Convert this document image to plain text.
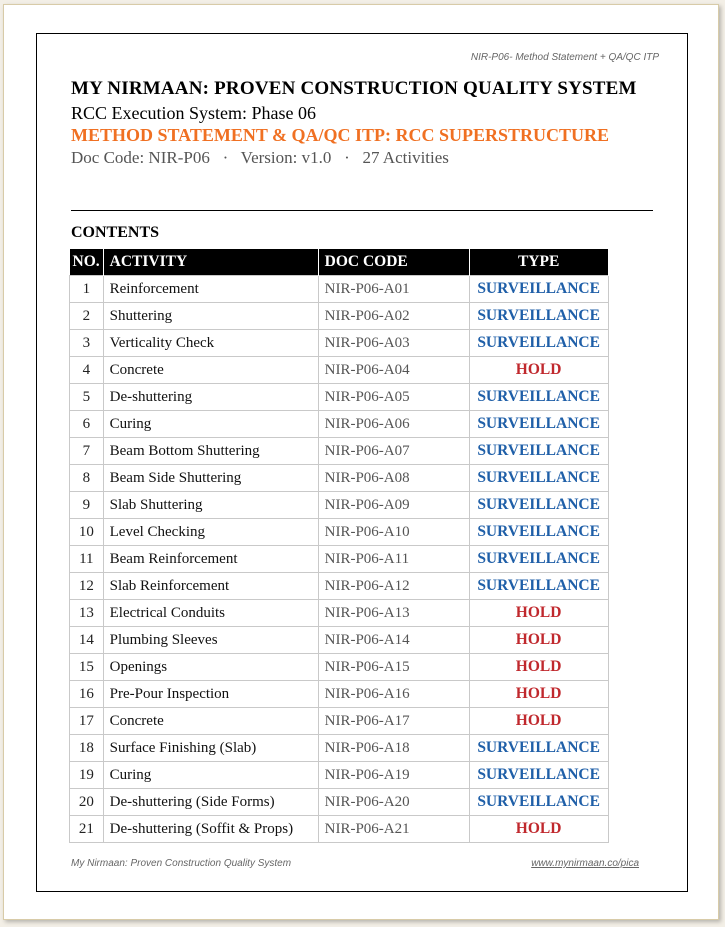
NIR-P06- Method Statement + QA/QC ITP
MY NIRMAAN: PROVEN CONSTRUCTION QUALITY SYSTEM
RCC Execution System: Phase 06
METHOD STATEMENT & QA/QC ITP: RCC SUPERSTRUCTURE
Doc Code: NIR-P06   ·   Version: v1.0   ·   27 Activities
CONTENTS
NO.	ACTIVITY	DOC CODE	TYPE
1	Reinforcement	NIR-P06-A01	SURVEILLANCE
2	Shuttering	NIR-P06-A02	SURVEILLANCE
3	Verticality Check	NIR-P06-A03	SURVEILLANCE
4	Concrete	NIR-P06-A04	HOLD
5	De-shuttering	NIR-P06-A05	SURVEILLANCE
6	Curing	NIR-P06-A06	SURVEILLANCE
7	Beam Bottom Shuttering	NIR-P06-A07	SURVEILLANCE
8	Beam Side Shuttering	NIR-P06-A08	SURVEILLANCE
9	Slab Shuttering	NIR-P06-A09	SURVEILLANCE
10	Level Checking	NIR-P06-A10	SURVEILLANCE
11	Beam Reinforcement	NIR-P06-A11	SURVEILLANCE
12	Slab Reinforcement	NIR-P06-A12	SURVEILLANCE
13	Electrical Conduits	NIR-P06-A13	HOLD
14	Plumbing Sleeves	NIR-P06-A14	HOLD
15	Openings	NIR-P06-A15	HOLD
16	Pre-Pour Inspection	NIR-P06-A16	HOLD
17	Concrete	NIR-P06-A17	HOLD
18	Surface Finishing (Slab)	NIR-P06-A18	SURVEILLANCE
19	Curing	NIR-P06-A19	SURVEILLANCE
20	De-shuttering (Side Forms)	NIR-P06-A20	SURVEILLANCE
21	De-shuttering (Soffit & Props)	NIR-P06-A21	HOLD
My Nirmaan: Proven Construction Quality System	www.mynirmaan.co/pica
